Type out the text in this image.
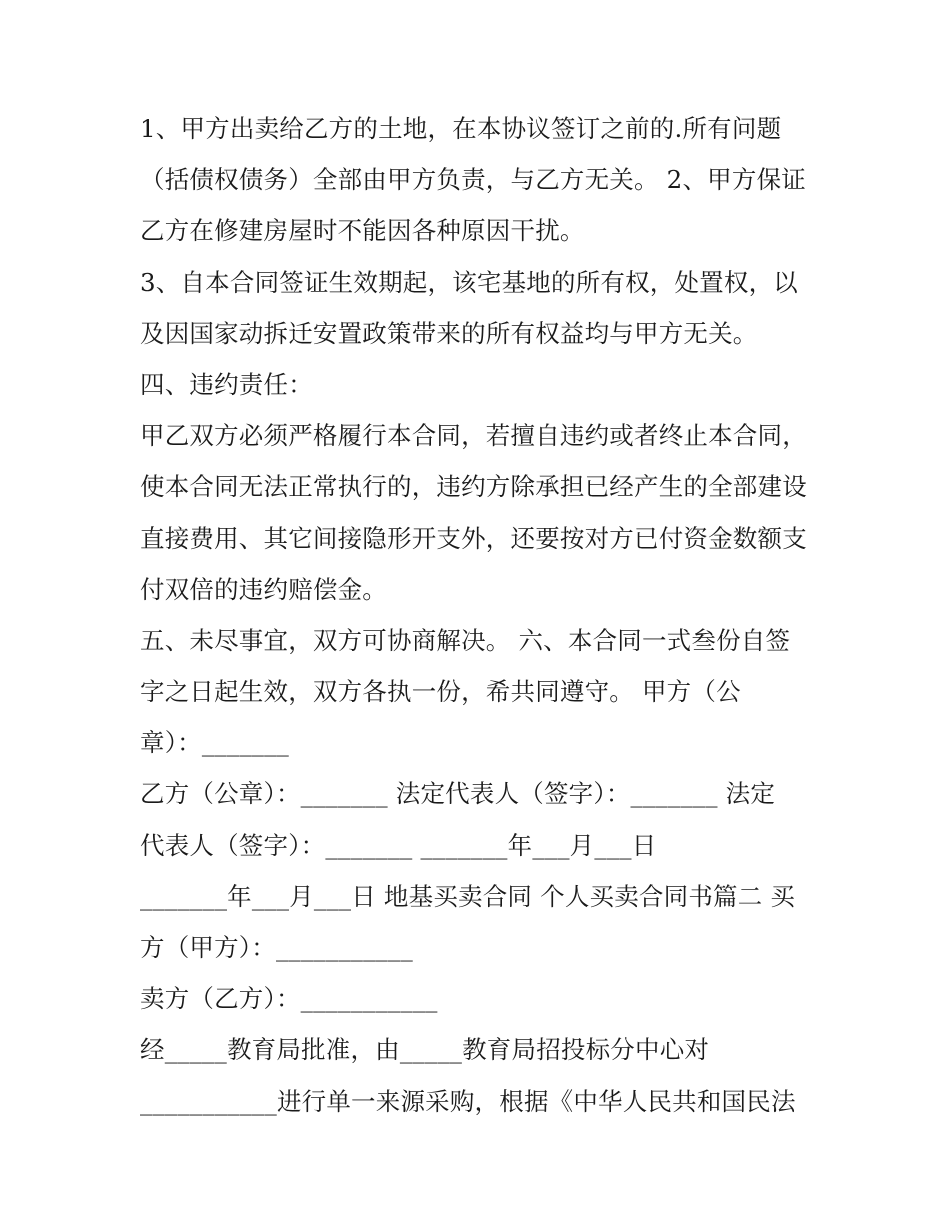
1、甲方出卖给乙方的土地，在本协议签订之前的.所有问题
（括债权债务）全部由甲方负责，与乙方无关。 2、甲方保证
乙方在修建房屋时不能因各种原因干扰。
3、自本合同签证生效期起，该宅基地的所有权，处置权，以
及因国家动拆迁安置政策带来的所有权益均与甲方无关。
四、违约责任：
甲乙双方必须严格履行本合同，若擅自违约或者终止本合同，
使本合同无法正常执行的，违约方除承担已经产生的全部建设
直接费用、其它间接隐形开支外，还要按对方已付资金数额支
付双倍的违约赔偿金。
五、未尽事宜，双方可协商解决。 六、本合同一式叁份自签
字之日起生效，双方各执一份，希共同遵守。 甲方（公
章）：_______
乙方（公章）：_______ 法定代表人（签字）：_______ 法定
代表人（签字）：_______ _______年___月___日
_______年___月___日 地基买卖合同 个人买卖合同书篇二 买
方（甲方）：___________
卖方（乙方）：___________
经_____教育局批准，由_____教育局招投标分中心对
___________进行单一来源采购，根据《中华人民共和国民法
